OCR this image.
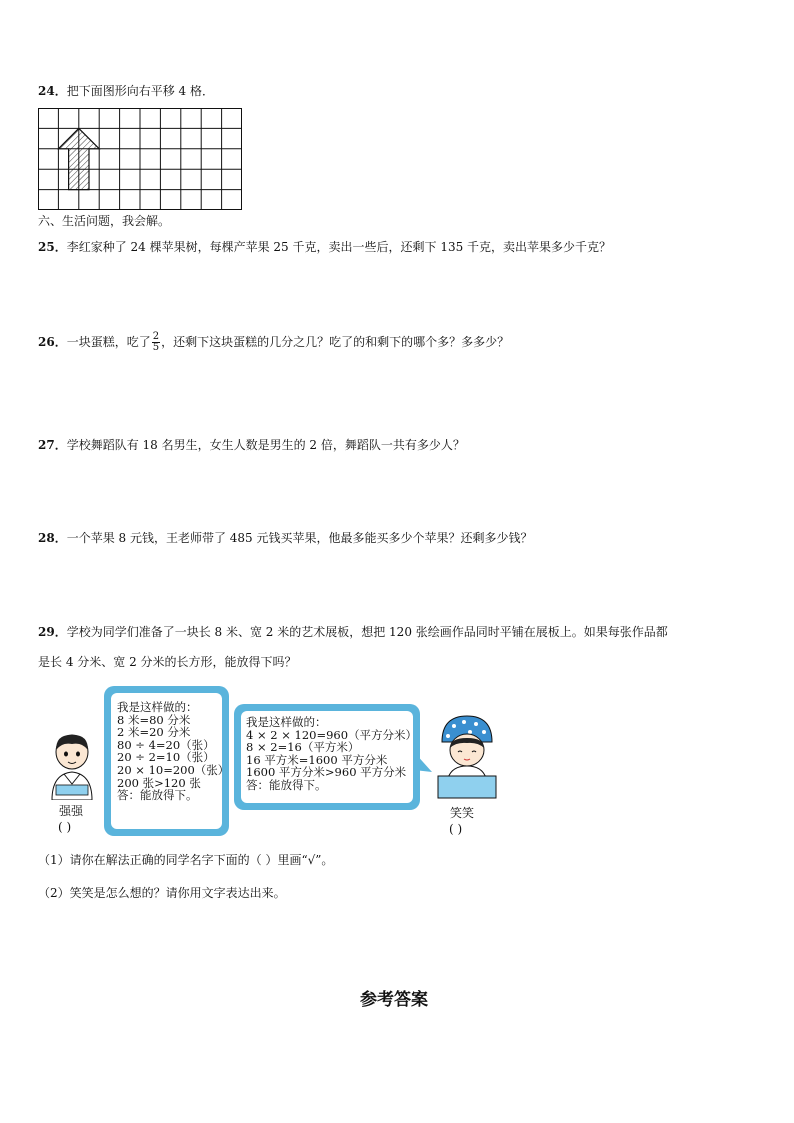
24．把下面图形向右平移 4 格．
六、生活问题，我会解。
25．李红家种了 24 棵苹果树，每棵产苹果 25 千克，卖出一些后，还剩下 135 千克，卖出苹果多少千克？
26．一块蛋糕，吃了 $\frac{2}{5}$ ，还剩下这块蛋糕的几分之几？吃了的和剩下的哪个多？多多少？
27．学校舞蹈队有 18 名男生，女生人数是男生的 2 倍，舞蹈队一共有多少人？
28．一个苹果 8 元钱，王老师带了 485 元钱买苹果，他最多能买多少个苹果？还剩多少钱？
29．学校为同学们准备了一块长 8 米、宽 2 米的艺术展板，想把 120 张绘画作品同时平铺在展板上。如果每张作品都
是长 4 分米、宽 2 分米的长方形，能放得下吗？
强强
( )
我是这样做的：
8 米=80 分米
2 米=20 分米
80 ÷ 4=20（张）
20 ÷ 2=10（张）
20 × 10=200（张）
200 张>120 张
答：能放得下。
我是这样做的：
4 × 2 × 120=960（平方分米）
8 × 2=16（平方米）
16 平方米=1600 平方分米
1600 平方分米>960 平方分米
答：能放得下。
笑笑
( )
（1）请你在解法正确的同学名字下面的（ ）里画“√”。
（2）笑笑是怎么想的？请你用文字表达出来。
参考答案
